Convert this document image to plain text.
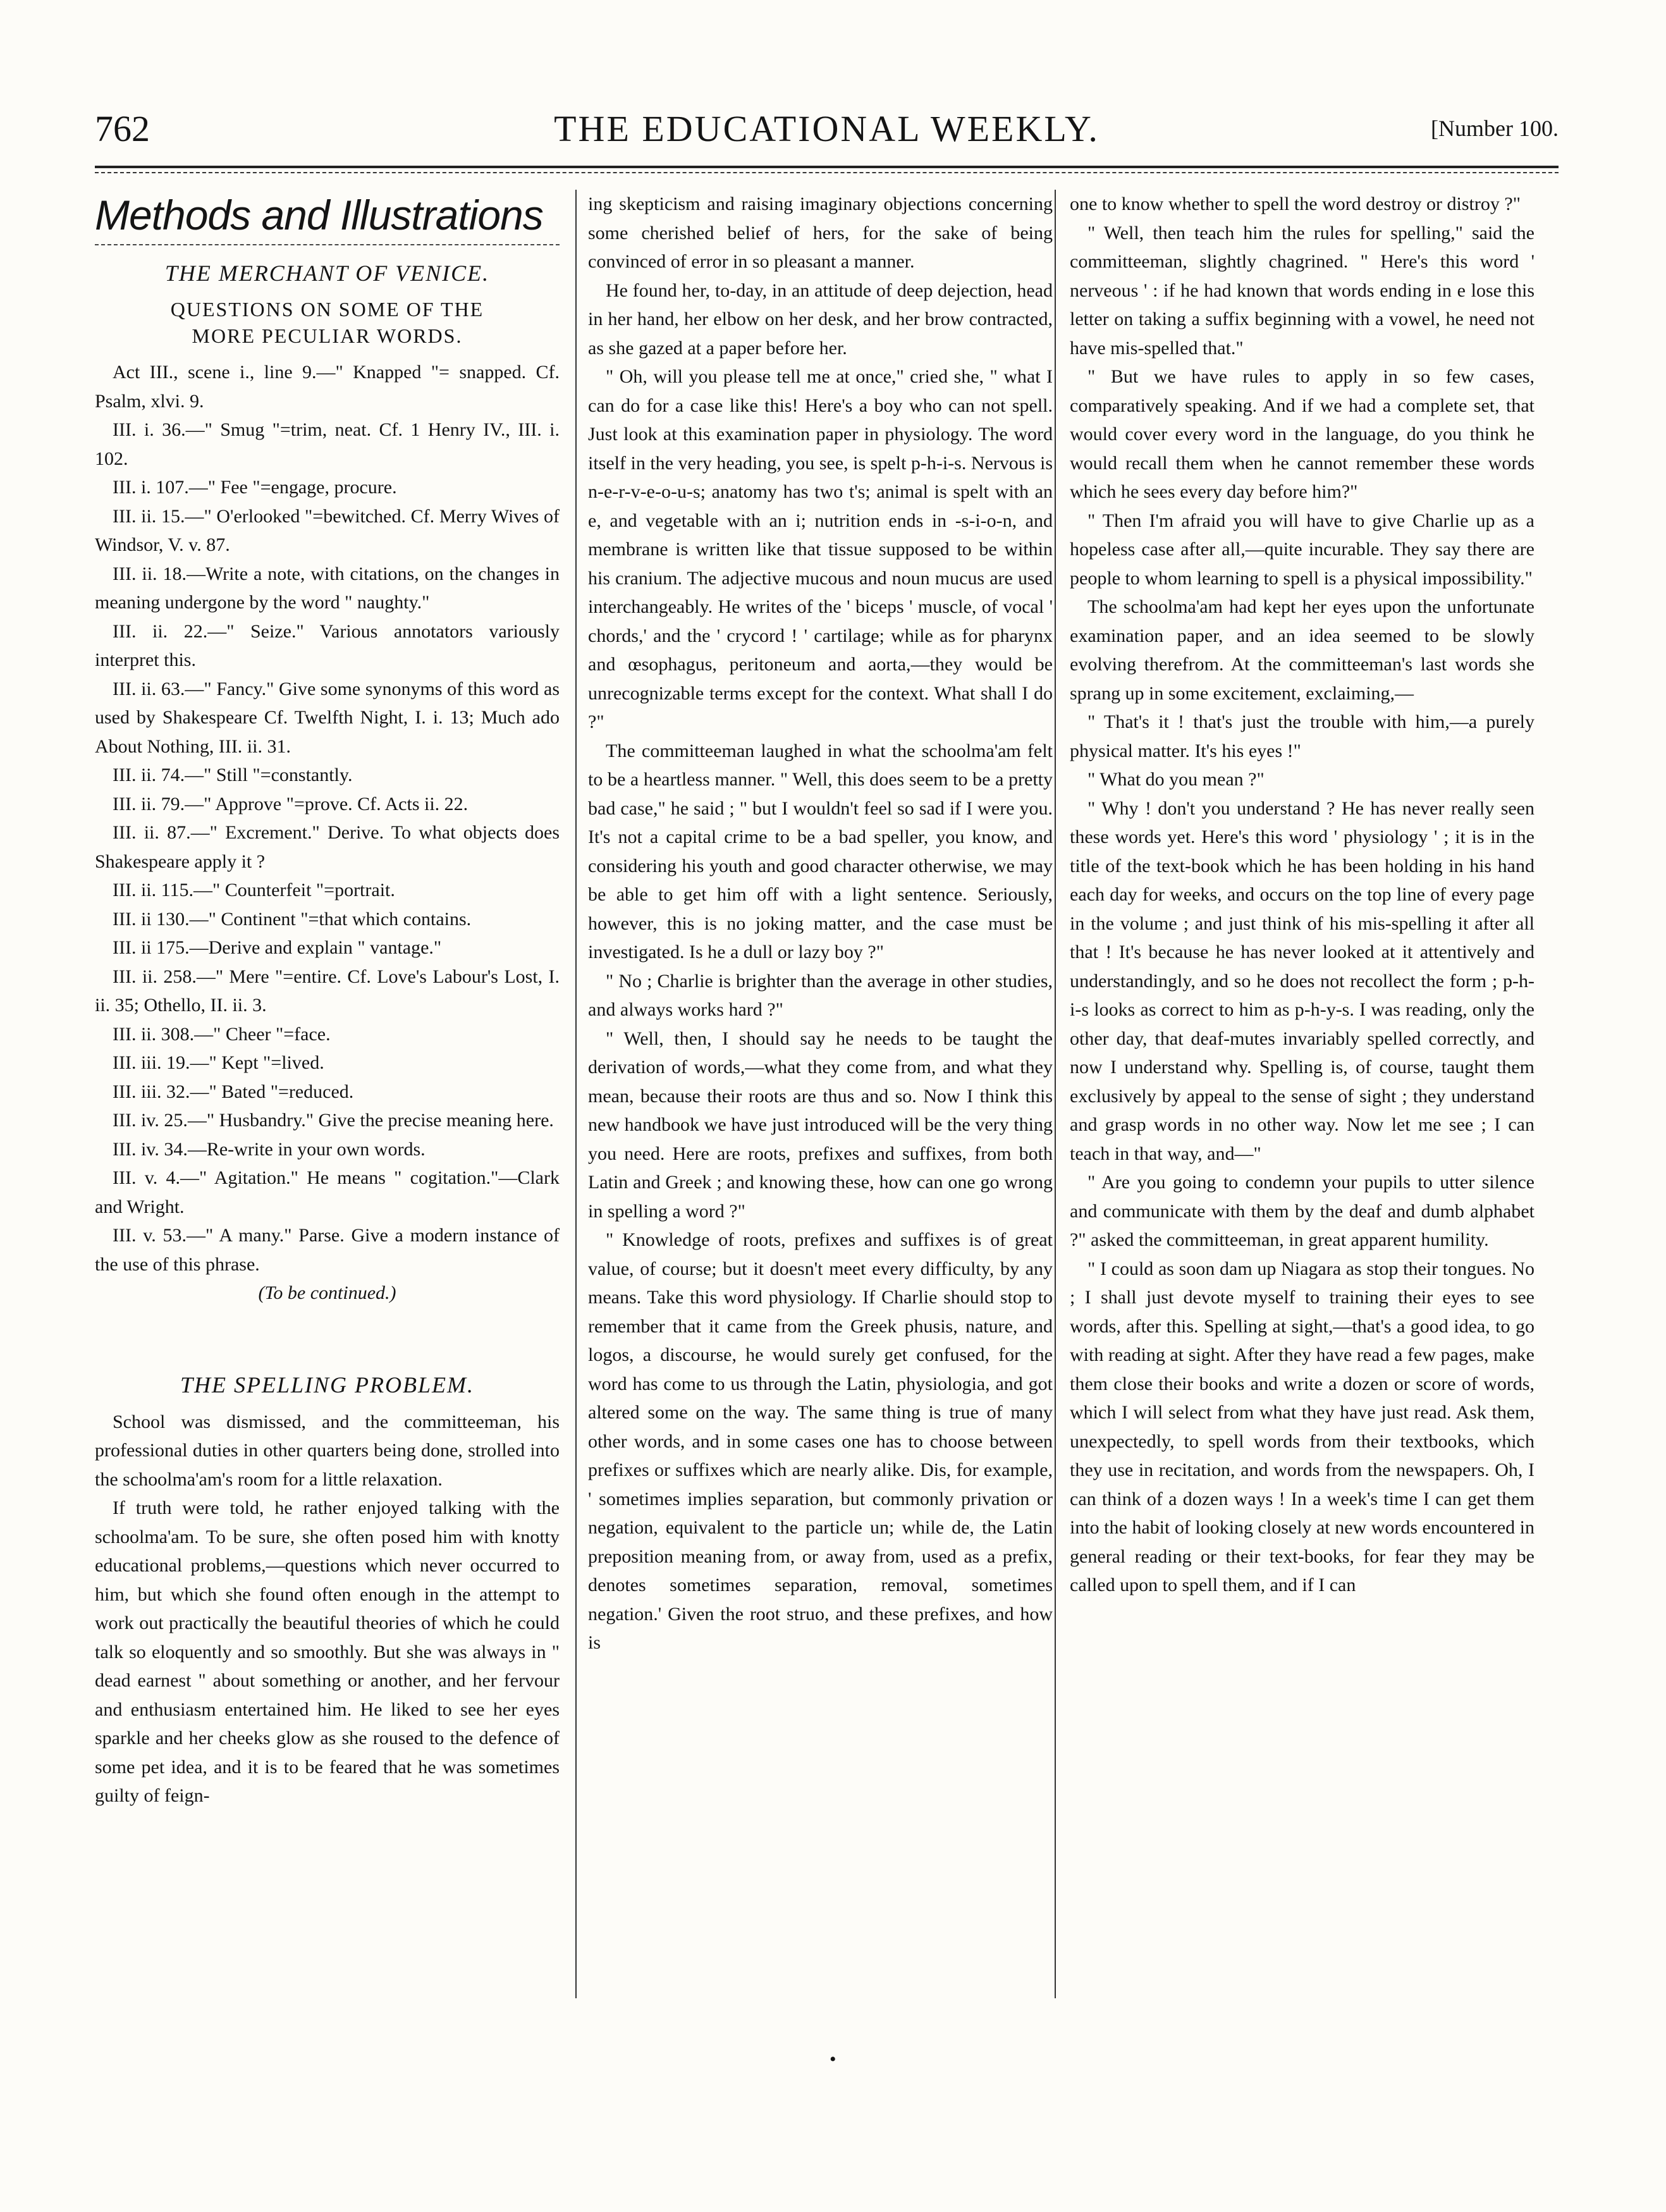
762	THE EDUCATIONAL WEEKLY.	[Number 100.
Methods and Illustrations
THE MERCHANT OF VENICE.
QUESTIONS ON SOME OF THE
MORE PECULIAR WORDS.

Act III., scene i., line 9.—" Knapped "= snapped. Cf. Psalm, xlvi. 9.

III. i. 36.—" Smug "=trim, neat. Cf. 1 Henry IV., III. i. 102.

III. i. 107.—" Fee "=engage, procure.

III. ii. 15.—" O'erlooked "=bewitched. Cf. Merry Wives of Windsor, V. v. 87.

III. ii. 18.—Write a note, with citations, on the changes in meaning undergone by the word " naughty."

III. ii. 22.—" Seize." Various annotators variously interpret this.

III. ii. 63.—" Fancy." Give some synonyms of this word as used by Shakespeare Cf. Twelfth Night, I. i. 13; Much ado About Nothing, III. ii. 31.

III. ii. 74.—" Still "=constantly.

III. ii. 79.—" Approve "=prove. Cf. Acts ii. 22.

III. ii. 87.—" Excrement." Derive. To what objects does Shakespeare apply it ?

III. ii. 115.—" Counterfeit "=portrait.

III. ii 130.—" Continent "=that which contains.

III. ii 175.—Derive and explain " vantage."

III. ii. 258.—" Mere "=entire. Cf. Love's Labour's Lost, I. ii. 35; Othello, II. ii. 3.

III. ii. 308.—" Cheer "=face.

III. iii. 19.—" Kept "=lived.

III. iii. 32.—" Bated "=reduced.

III. iv. 25.—" Husbandry." Give the precise meaning here.

III. iv. 34.—Re-write in your own words.

III. v. 4.—" Agitation." He means " cogitation."—Clark and Wright.

III. v. 53.—" A many." Parse. Give a modern instance of the use of this phrase.

(To be continued.)
THE SPELLING PROBLEM.

School was dismissed, and the committeeman, his professional duties in other quarters being done, strolled into the schoolma'am's room for a little relaxation.

If truth were told, he rather enjoyed talking with the schoolma'am. To be sure, she often posed him with knotty educational problems,—questions which never occurred to him, but which she found often enough in the attempt to work out practically the beautiful theories of which he could talk so eloquently and so smoothly. But she was always in " dead earnest " about something or another, and her fervour and enthusiasm entertained him. He liked to see her eyes sparkle and her cheeks glow as she roused to the defence of some pet idea, and it is to be feared that he was sometimes guilty of feign-

ing skepticism and raising imaginary objections concerning some cherished belief of hers, for the sake of being convinced of error in so pleasant a manner.

He found her, to-day, in an attitude of deep dejection, head in her hand, her elbow on her desk, and her brow contracted, as she gazed at a paper before her.

" Oh, will you please tell me at once," cried she, " what I can do for a case like this! Here's a boy who can not spell. Just look at this examination paper in physiology. The word itself in the very heading, you see, is spelt p-h-i-s. Nervous is n-e-r-v-e-o-u-s; anatomy has two t's; animal is spelt with an e, and vegetable with an i; nutrition ends in -s-i-o-n, and membrane is written like that tissue supposed to be within his cranium. The adjective mucous and noun mucus are used interchangeably. He writes of the ' biceps ' muscle, of vocal ' chords,' and the ' crycord ! ' cartilage; while as for pharynx and œsophagus, peritoneum and aorta,—they would be unrecognizable terms except for the context. What shall I do ?"

The committeeman laughed in what the schoolma'am felt to be a heartless manner. " Well, this does seem to be a pretty bad case," he said ; " but I wouldn't feel so sad if I were you. It's not a capital crime to be a bad speller, you know, and considering his youth and good character otherwise, we may be able to get him off with a light sentence. Seriously, however, this is no joking matter, and the case must be investigated. Is he a dull or lazy boy ?"

" No ; Charlie is brighter than the average in other studies, and always works hard ?"

" Well, then, I should say he needs to be taught the derivation of words,—what they come from, and what they mean, because their roots are thus and so. Now I think this new handbook we have just introduced will be the very thing you need. Here are roots, prefixes and suffixes, from both Latin and Greek ; and knowing these, how can one go wrong in spelling a word ?"

" Knowledge of roots, prefixes and suffixes is of great value, of course; but it doesn't meet every difficulty, by any means. Take this word physiology. If Charlie should stop to remember that it came from the Greek phusis, nature, and logos, a discourse, he would surely get confused, for the word has come to us through the Latin, physiologia, and got altered some on the way. The same thing is true of many other words, and in some cases one has to choose between prefixes or suffixes which are nearly alike. Dis, for example, ' sometimes implies separation, but commonly privation or negation, equivalent to the particle un; while de, the Latin preposition meaning from, or away from, used as a prefix, denotes sometimes separation, removal, sometimes negation.' Given the root struo, and these prefixes, and how is

one to know whether to spell the word destroy or distroy ?"

" Well, then teach him the rules for spelling," said the committeeman, slightly chagrined. " Here's this word ' nerveous ' : if he had known that words ending in e lose this letter on taking a suffix beginning with a vowel, he need not have mis-spelled that."

" But we have rules to apply in so few cases, comparatively speaking. And if we had a complete set, that would cover every word in the language, do you think he would recall them when he cannot remember these words which he sees every day before him?"

" Then I'm afraid you will have to give Charlie up as a hopeless case after all,—quite incurable. They say there are people to whom learning to spell is a physical impossibility."

The schoolma'am had kept her eyes upon the unfortunate examination paper, and an idea seemed to be slowly evolving therefrom. At the committeeman's last words she sprang up in some excitement, exclaiming,—

" That's it ! that's just the trouble with him,—a purely physical matter. It's his eyes !"

" What do you mean ?"

" Why ! don't you understand ? He has never really seen these words yet. Here's this word ' physiology ' ; it is in the title of the text-book which he has been holding in his hand each day for weeks, and occurs on the top line of every page in the volume ; and just think of his mis-spelling it after all that ! It's because he has never looked at it attentively and understandingly, and so he does not recollect the form ; p-h-i-s looks as correct to him as p-h-y-s. I was reading, only the other day, that deaf-mutes invariably spelled correctly, and now I understand why. Spelling is, of course, taught them exclusively by appeal to the sense of sight ; they understand and grasp words in no other way. Now let me see ; I can teach in that way, and—"

" Are you going to condemn your pupils to utter silence and communicate with them by the deaf and dumb alphabet ?" asked the committeeman, in great apparent humility.

" I could as soon dam up Niagara as stop their tongues. No ; I shall just devote myself to training their eyes to see words, after this. Spelling at sight,—that's a good idea, to go with reading at sight. After they have read a few pages, make them close their books and write a dozen or score of words, which I will select from what they have just read. Ask them, unexpectedly, to spell words from their textbooks, which they use in recitation, and words from the newspapers. Oh, I can think of a dozen ways ! In a week's time I can get them into the habit of looking closely at new words encountered in general reading or their text-books, for fear they may be called upon to spell them, and if I can

•
